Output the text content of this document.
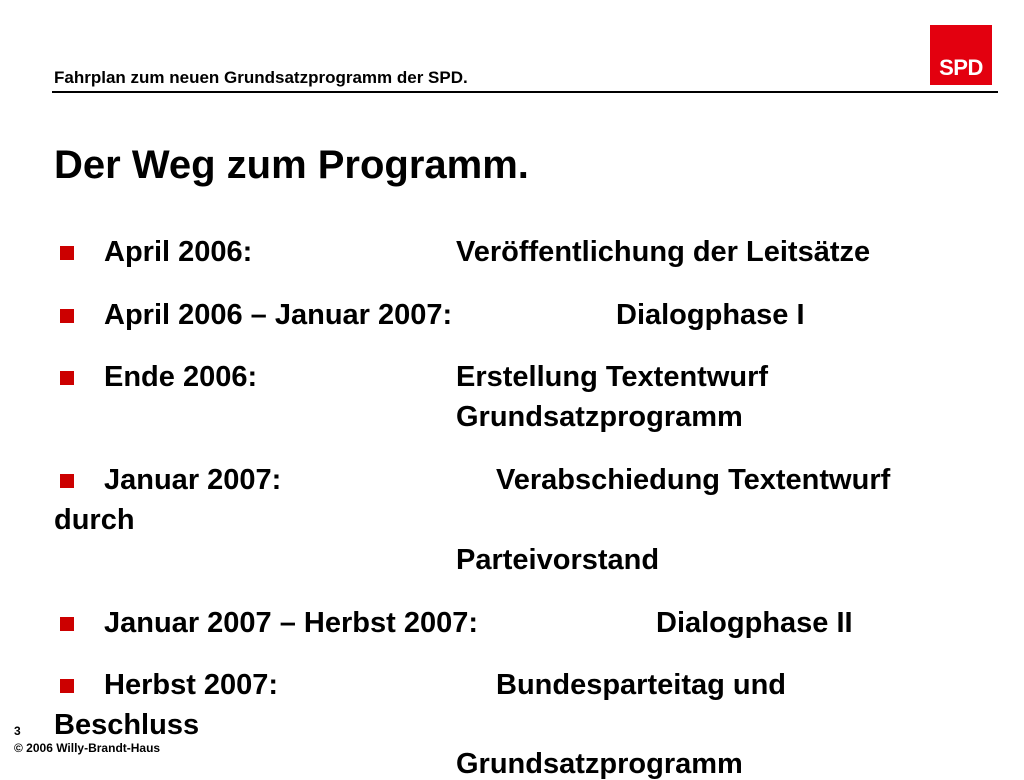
Fahrplan zum neuen Grundsatzprogramm der SPD.	SPD
Der Weg zum Programm.
April 2006:	Veröffentlichung der Leitsätze
April 2006 – Januar 2007:	Dialogphase I
Ende 2006:	Erstellung Textentwurf
Grundsatzprogramm
Januar 2007:	Verabschiedung Textentwurf
durch
Parteivorstand
Januar 2007 – Herbst 2007:	Dialogphase II
Herbst 2007:	Bundesparteitag und
Beschluss
Grundsatzprogramm
3
© 2006 Willy-Brandt-Haus
